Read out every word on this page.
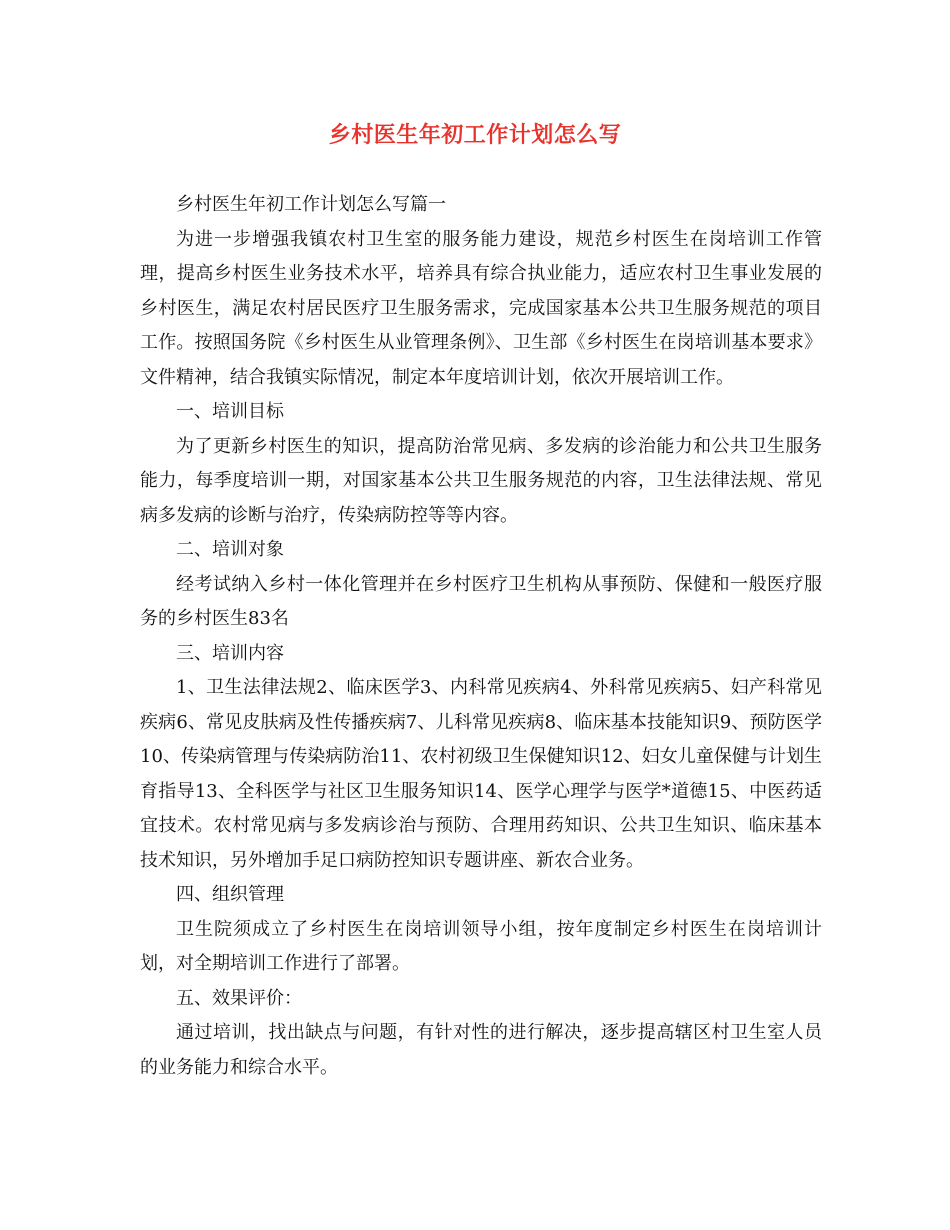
乡村医生年初工作计划怎么写

乡村医生年初工作计划怎么写篇一

为进一步增强我镇农村卫生室的服务能力建设，规范乡村医生在岗培训工作管理，提高乡村医生业务技术水平，培养具有综合执业能力，适应农村卫生事业发展的乡村医生，满足农村居民医疗卫生服务需求，完成国家基本公共卫生服务规范的项目工作。按照国务院《乡村医生从业管理条例》、卫生部《乡村医生在岗培训基本要求》文件精神，结合我镇实际情况，制定本年度培训计划，依次开展培训工作。

一、培训目标

为了更新乡村医生的知识，提高防治常见病、多发病的诊治能力和公共卫生服务能力，每季度培训一期，对国家基本公共卫生服务规范的内容，卫生法律法规、常见病多发病的诊断与治疗，传染病防控等等内容。

二、培训对象

经考试纳入乡村一体化管理并在乡村医疗卫生机构从事预防、保健和一般医疗服务的乡村医生83名

三、培训内容

1、卫生法律法规2、临床医学3、内科常见疾病4、外科常见疾病5、妇产科常见疾病6、常见皮肤病及性传播疾病7、儿科常见疾病8、临床基本技能知识9、预防医学10、传染病管理与传染病防治11、农村初级卫生保健知识12、妇女儿童保健与计划生育指导13、全科医学与社区卫生服务知识14、医学心理学与医学*道德15、中医药适宜技术。农村常见病与多发病诊治与预防、合理用药知识、公共卫生知识、临床基本技术知识，另外增加手足口病防控知识专题讲座、新农合业务。

四、组织管理

卫生院须成立了乡村医生在岗培训领导小组，按年度制定乡村医生在岗培训计划，对全期培训工作进行了部署。

五、效果评价：

通过培训，找出缺点与问题，有针对性的进行解决，逐步提高辖区村卫生室人员的业务能力和综合水平。
